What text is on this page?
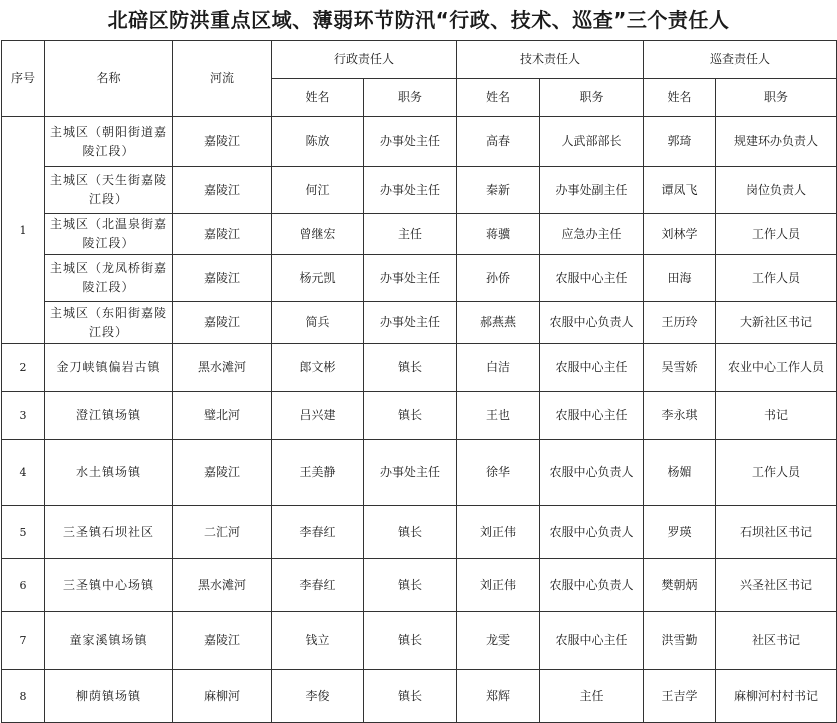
北碚区防洪重点区域、薄弱环节防汛“行政、技术、巡查”三个责任人
序号	名称	河流	行政责任人		技术责任人		巡查责任人	
			姓名	职务	姓名	职务	姓名	职务
1	主城区（朝阳街道嘉陵江段）	嘉陵江	陈放	办事处主任	高春	人武部部长	郭琦	规建环办负责人
	主城区（天生街嘉陵江段）	嘉陵江	何江	办事处主任	秦新	办事处副主任	谭凤飞	岗位负责人
	主城区（北温泉街嘉陵江段）	嘉陵江	曾继宏	主任	蒋骥	应急办主任	刘林学	工作人员
	主城区（龙凤桥街嘉陵江段）	嘉陵江	杨元凯	办事处主任	孙侨	农服中心主任	田海	工作人员
	主城区（东阳街嘉陵江段）	嘉陵江	简兵	办事处主任	郝燕燕	农服中心负责人	王历玲	大新社区书记
2	金刀峡镇偏岩古镇	黑水滩河	郎文彬	镇长	白洁	农服中心主任	吴雪娇	农业中心工作人员
3	澄江镇场镇	璧北河	吕兴建	镇长	王也	农服中心主任	李永琪	书记
4	水土镇场镇	嘉陵江	王美静	办事处主任	徐华	农服中心负责人	杨媚	工作人员
5	三圣镇石坝社区	二汇河	李春红	镇长	刘正伟	农服中心负责人	罗瑛	石坝社区书记
6	三圣镇中心场镇	黑水滩河	李春红	镇长	刘正伟	农服中心负责人	樊朝炳	兴圣社区书记
7	童家溪镇场镇	嘉陵江	钱立	镇长	龙雯	农服中心主任	洪雪勤	社区书记
8	柳荫镇场镇	麻柳河	李俊	镇长	郑辉	主任	王吉学	麻柳河村村书记
